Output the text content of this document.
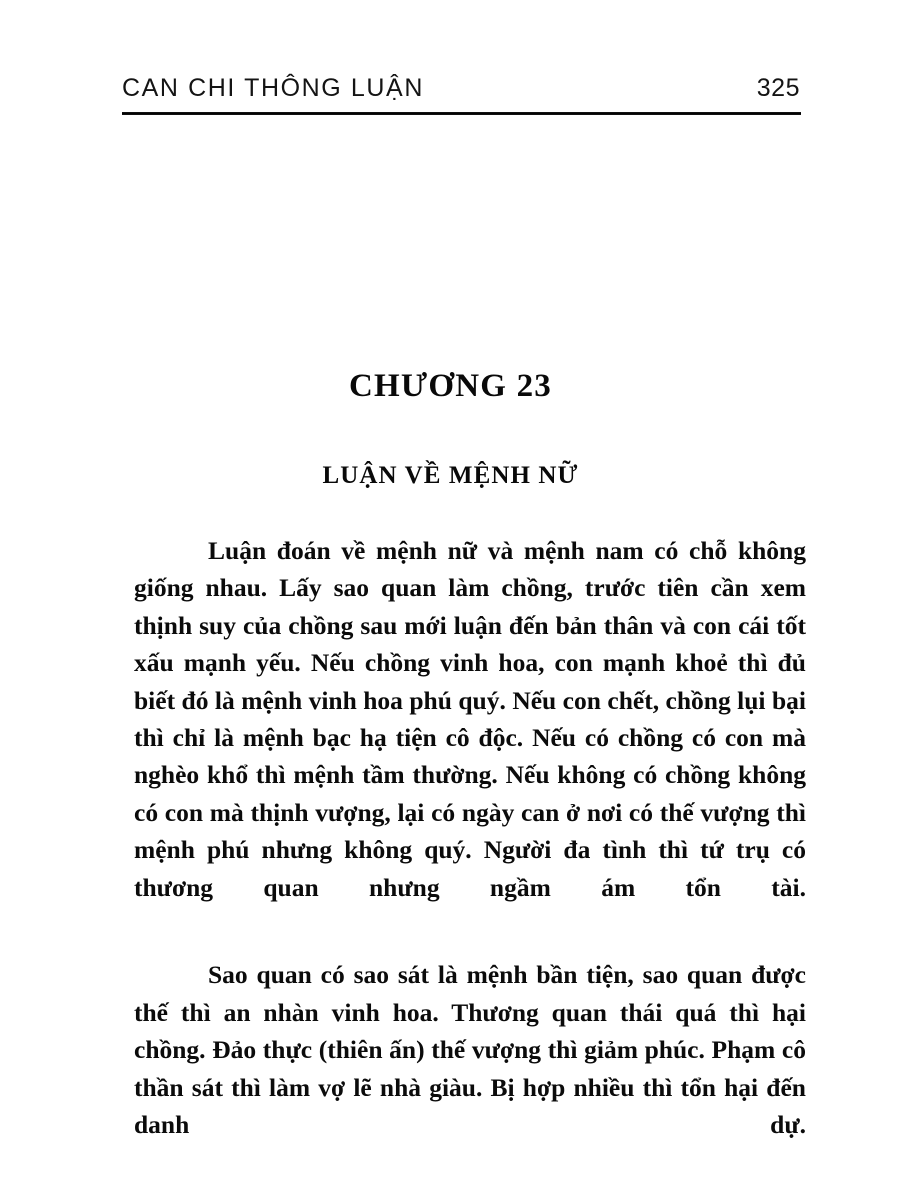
CAN CHI THÔNG LUẬN	325
CHƯƠNG 23
LUẬN VỀ MỆNH NỮ

Luận đoán về mệnh nữ và mệnh nam có chỗ không giống nhau. Lấy sao quan làm chồng, trước tiên cần xem thịnh suy của chồng sau mới luận đến bản thân và con cái tốt xấu mạnh yếu. Nếu chồng vinh hoa, con mạnh khoẻ thì đủ biết đó là mệnh vinh hoa phú quý. Nếu con chết, chồng lụi bại thì chỉ là mệnh bạc hạ tiện cô độc. Nếu có chồng có con mà nghèo khổ thì mệnh tầm thường. Nếu không có chồng không có con mà thịnh vượng, lại có ngày can ở nơi có thế vượng thì mệnh phú nhưng không quý. Người đa tình thì tứ trụ có thương quan nhưng ngầm ám tổn tài.

Sao quan có sao sát là mệnh bần tiện, sao quan được thế thì an nhàn vinh hoa. Thương quan thái quá thì hại chồng. Đảo thực (thiên ấn) thế vượng thì giảm phúc. Phạm cô thần sát thì làm vợ lẽ nhà giàu. Bị hợp nhiều thì tổn hại đến danh dự.
